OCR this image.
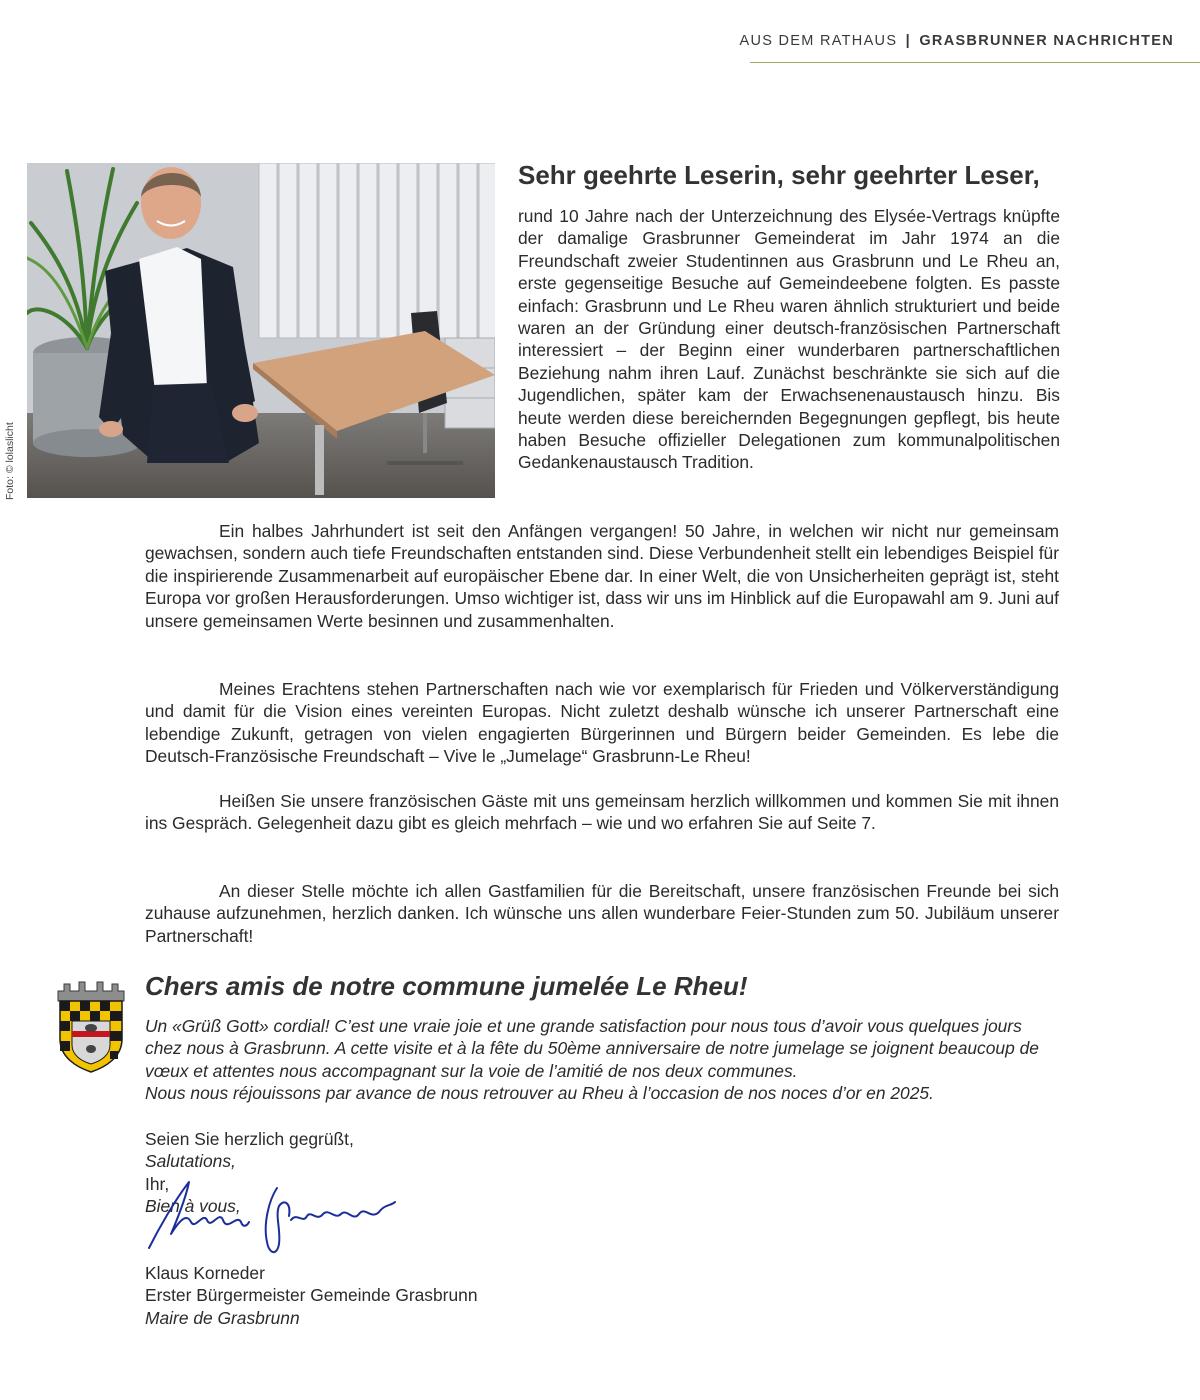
AUS DEM RATHAUS | GRASBRUNNER NACHRICHTEN
Foto: © lolaslicht
Sehr geehrte Leserin, sehr geehrter Leser,

rund 10 Jahre nach der Unterzeichnung des Elysée-Vertrags knüpfte der damalige Grasbrunner Gemeinderat im Jahr 1974 an die Freundschaft zweier Studentinnen aus Grasbrunn und Le Rheu an, erste gegenseitige Besuche auf Gemeindeebene folgten. Es passte einfach: Grasbrunn und Le Rheu waren ähnlich strukturiert und beide waren an der Gründung einer deutsch-französischen Partnerschaft interessiert – der Beginn einer wunderbaren partnerschaftlichen Beziehung nahm ihren Lauf. Zunächst beschränkte sie sich auf die Jugendlichen, später kam der Erwachsenenaustausch hinzu. Bis heute werden diese bereichernden Begegnungen gepflegt, bis heute haben Besuche offizieller Delegationen zum kommunalpolitischen Gedankenaustausch Tradition.

Ein halbes Jahrhundert ist seit den Anfängen vergangen! 50 Jahre, in welchen wir nicht nur gemeinsam gewachsen, sondern auch tiefe Freundschaften entstanden sind. Diese Verbundenheit stellt ein lebendiges Beispiel für die inspirierende Zusammenarbeit auf europäischer Ebene dar. In einer Welt, die von Unsicherheiten geprägt ist, steht Europa vor großen Herausforderungen. Umso wichtiger ist, dass wir uns im Hinblick auf die Europawahl am 9. Juni auf unsere gemeinsamen Werte besinnen und zusammenhalten.

Meines Erachtens stehen Partnerschaften nach wie vor exemplarisch für Frieden und Völkerverständigung und damit für die Vision eines vereinten Europas. Nicht zuletzt deshalb wünsche ich unserer Partnerschaft eine lebendige Zukunft, getragen von vielen engagierten Bürgerinnen und Bürgern beider Gemeinden. Es lebe die Deutsch-Französische Freundschaft – Vive le „Jumelage“ Grasbrunn-Le Rheu!

Heißen Sie unsere französischen Gäste mit uns gemeinsam herzlich willkommen und kommen Sie mit ihnen ins Gespräch. Gelegenheit dazu gibt es gleich mehrfach – wie und wo erfahren Sie auf Seite 7.

An dieser Stelle möchte ich allen Gastfamilien für die Bereitschaft, unsere französischen Freunde bei sich zuhause aufzunehmen, herzlich danken. Ich wünsche uns allen wunderbare Feier-Stunden zum 50. Jubiläum unserer Partnerschaft!

Chers amis de notre commune jumelée Le Rheu!

Un «Grüß Gott» cordial! C’est une vraie joie et une grande satisfaction pour nous tous d’avoir vous quelques jours chez nous à Grasbrunn. A cette visite et à la fête du 50ème anniversaire de notre jumelage se joignent beaucoup de vœux et attentes nous accompagnant sur la voie de l’amitié de nos deux communes.
Nous nous réjouissons par avance de nous retrouver au Rheu à l’occasion de nos noces d’or en 2025.

Seien Sie herzlich gegrüßt,
Salutations,
Ihr,
Bien à vous,

Klaus Korneder
Erster Bürgermeister Gemeinde Grasbrunn
Maire de Grasbrunn
